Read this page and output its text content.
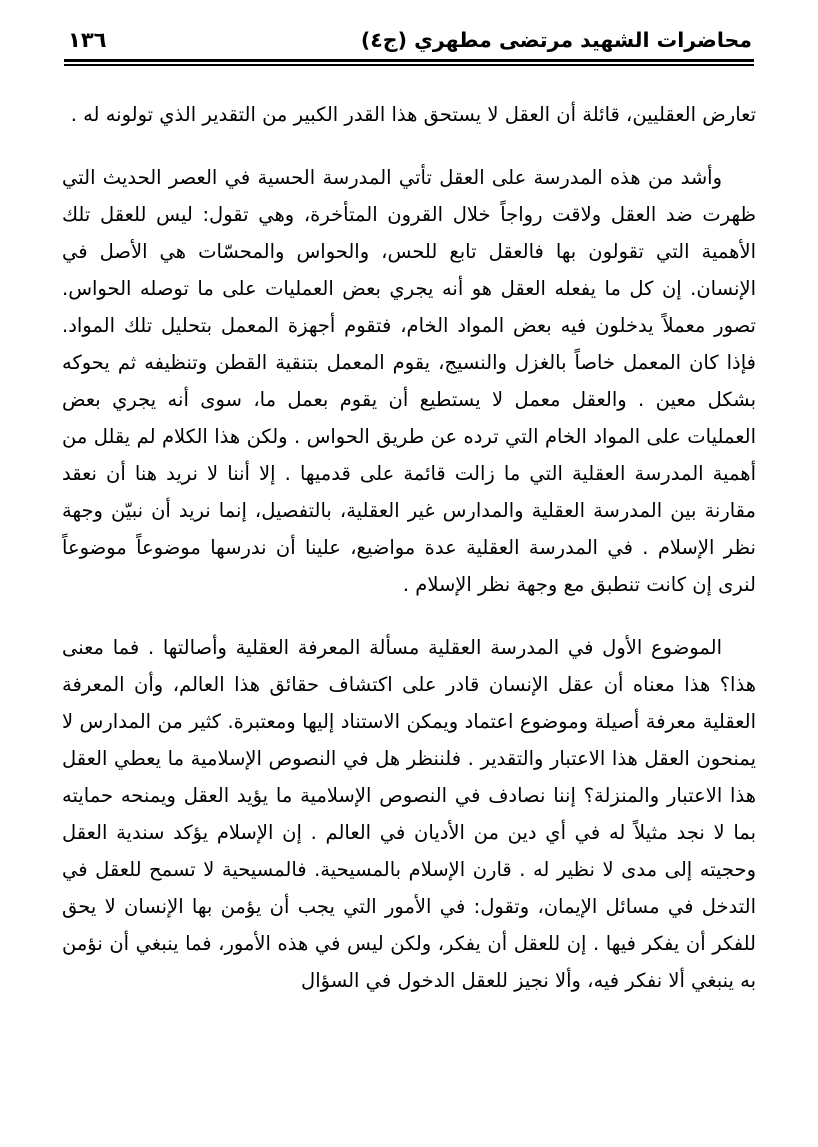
محاضرات الشهيد مرتضى مطهري (ج٤)
١٣٦

تعارض العقليين، قائلة أن العقل لا يستحق هذا القدر الكبير من التقدير الذي تولونه له .

وأشد من هذه المدرسة على العقل تأتي المدرسة الحسية في العصر الحديث التي ظهرت ضد العقل ولاقت رواجاً خلال القرون المتأخرة، وهي تقول: ليس للعقل تلك الأهمية التي تقولون بها فالعقل تابع للحس، والحواس والمحسّات هي الأصل في الإنسان. إن كل ما يفعله العقل هو أنه يجري بعض العمليات على ما توصله الحواس. تصور معملاً يدخلون فيه بعض المواد الخام، فتقوم أجهزة المعمل بتحليل تلك المواد. فإذا كان المعمل خاصاً بالغزل والنسيج، يقوم المعمل بتنقية القطن وتنظيفه ثم يحوكه بشكل معين . والعقل معمل لا يستطيع أن يقوم بعمل ما، سوى أنه يجري بعض العمليات على المواد الخام التي ترده عن طريق الحواس . ولكن هذا الكلام لم يقلل من أهمية المدرسة العقلية التي ما زالت قائمة على قدميها . إلا أننا لا نريد هنا أن نعقد مقارنة بين المدرسة العقلية والمدارس غير العقلية، بالتفصيل، إنما نريد أن نبيّن وجهة نظر الإسلام . في المدرسة العقلية عدة مواضيع، علينا أن ندرسها موضوعاً موضوعاً لنرى إن كانت تنطبق مع وجهة نظر الإسلام .

الموضوع الأول في المدرسة العقلية مسألة المعرفة العقلية وأصالتها . فما معنى هذا؟ هذا معناه أن عقل الإنسان قادر على اكتشاف حقائق هذا العالم، وأن المعرفة العقلية معرفة أصيلة وموضوع اعتماد ويمكن الاستناد إليها ومعتبرة. كثير من المدارس لا يمنحون العقل هذا الاعتبار والتقدير . فلننظر هل في النصوص الإسلامية ما يعطي العقل هذا الاعتبار والمنزلة؟ إننا نصادف في النصوص الإسلامية ما يؤيد العقل ويمنحه حمايته بما لا نجد مثيلاً له في أي دين من الأديان في العالم . إن الإسلام يؤكد سندية العقل وحجيته إلى مدى لا نظير له . قارن الإسلام بالمسيحية. فالمسيحية لا تسمح للعقل في التدخل في مسائل الإيمان، وتقول: في الأمور التي يجب أن يؤمن بها الإنسان لا يحق للفكر أن يفكر فيها . إن للعقل أن يفكر، ولكن ليس في هذه الأمور، فما ينبغي أن نؤمن به ينبغي ألا نفكر فيه، وألا نجيز للعقل الدخول في السؤال
